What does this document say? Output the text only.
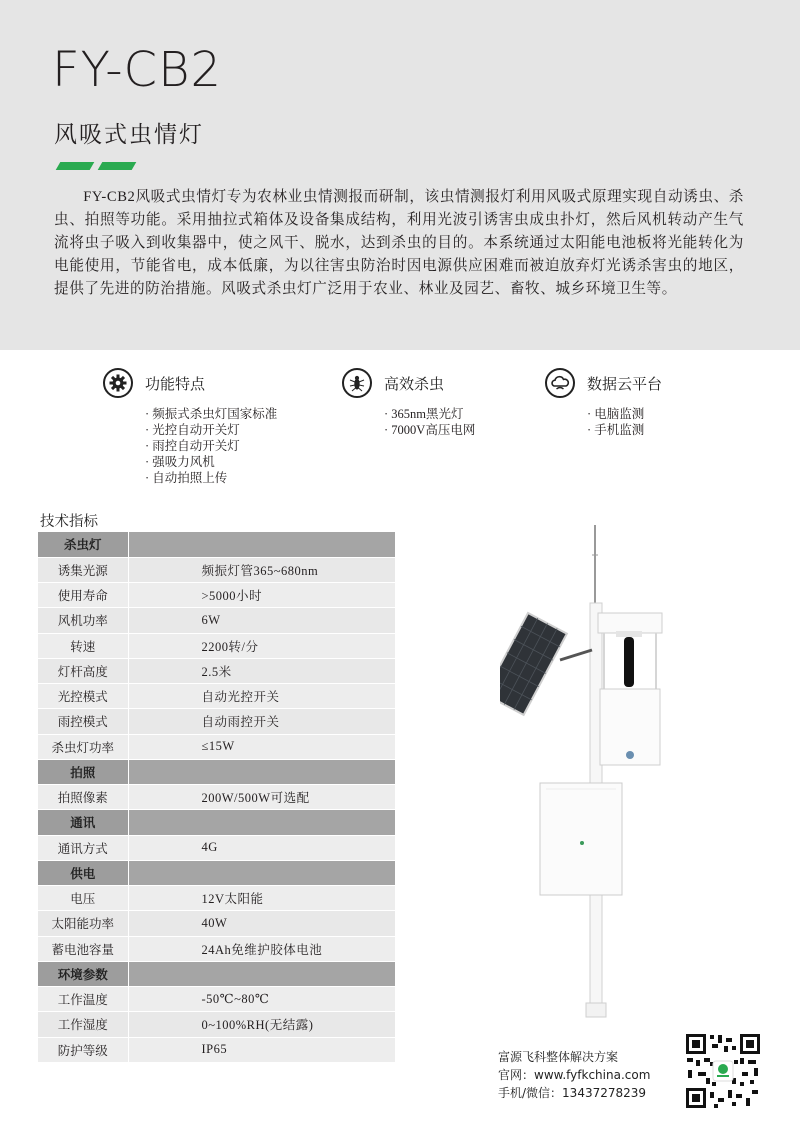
FY-CB2
风吸式虫情灯

FY-CB2风吸式虫情灯专为农林业虫情测报而研制，该虫情测报灯利用风吸式原理实现自动诱虫、杀虫、拍照等功能。采用抽拉式箱体及设备集成结构，利用光波引诱害虫成虫扑灯，然后风机转动产生气流将虫子吸入到收集器中，使之风干、脱水，达到杀虫的目的。本系统通过太阳能电池板将光能转化为电能使用，节能省电，成本低廉，为以往害虫防治时因电源供应困难而被迫放弃灯光诱杀害虫的地区，提供了先进的防治措施。风吸式杀虫灯广泛用于农业、林业及园艺、畜牧、城乡环境卫生等。

功能特点
· 频振式杀虫灯国家标准
· 光控自动开关灯
· 雨控自动开关灯
· 强吸力风机
· 自动拍照上传
高效杀虫
· 365nm黑光灯
· 7000V高压电网
数据云平台
· 电脑监测
· 手机监测
技术指标
杀虫灯	
诱集光源	频振灯管365~680nm
使用寿命	>5000小时
风机功率	6W
转速	2200转/分
灯杆高度	2.5米
光控模式	自动光控开关
雨控模式	自动雨控开关
杀虫灯功率	≤15W
拍照	
拍照像素	200W/500W可选配
通讯	
通讯方式	4G
供电	
电压	12V太阳能
太阳能功率	40W
蓄电池容量	24Ah免维护胶体电池
环境参数	
工作温度	-50℃~80℃
工作湿度	0~100%RH(无结露)
防护等级	IP65
富源飞科整体解决方案
官网：www.fyfkchina.com
手机/微信：13437278239
